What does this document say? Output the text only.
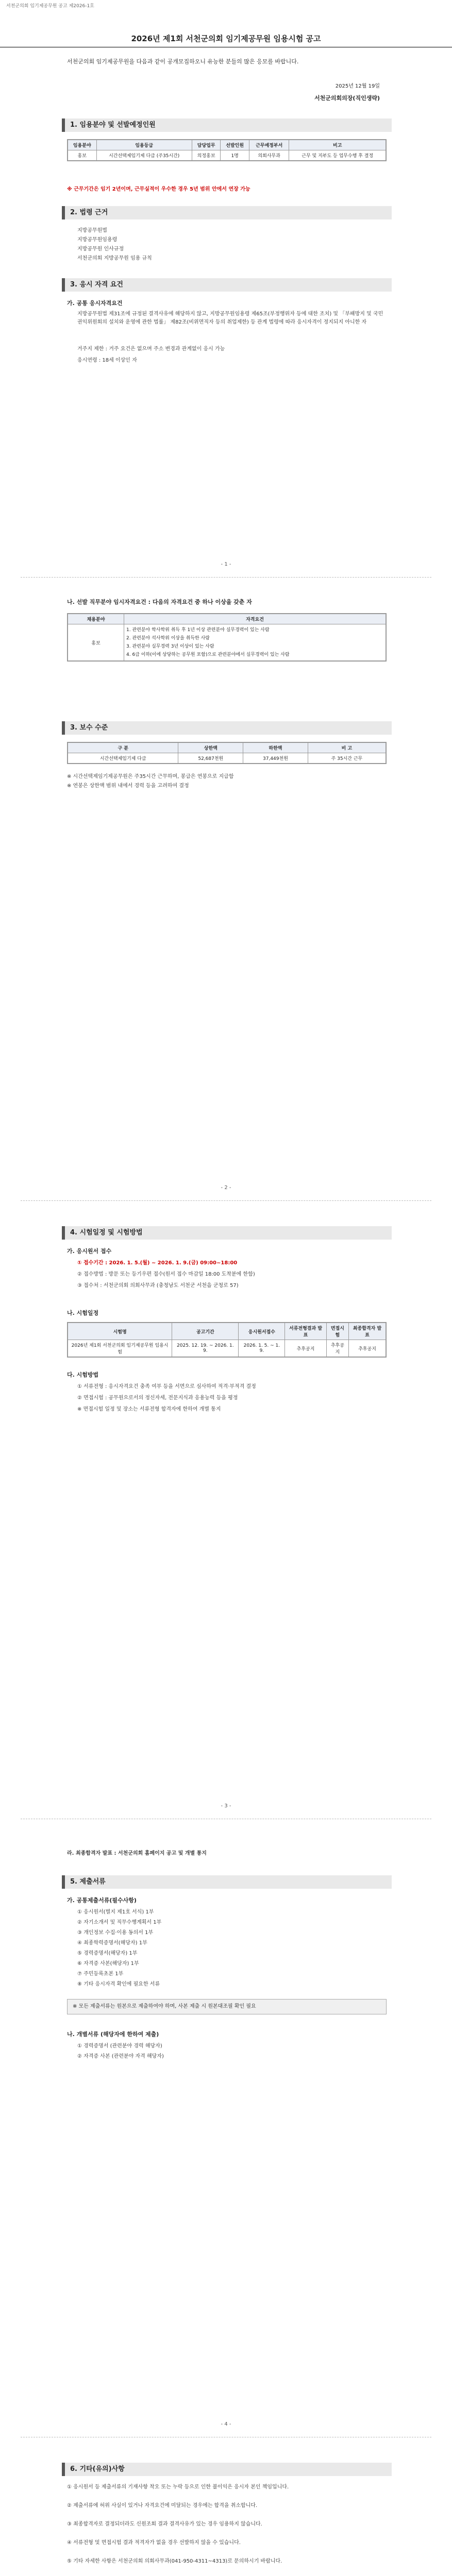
서천군의회 임기제공무원 공고 제2026-1호
2026년 제1회 서천군의회 임기제공무원 임용시험 공고
서천군의회 임기제공무원을 다음과 같이 공개모집하오니 유능한 분들의 많은 응모를 바랍니다.
2025년 12월 19일
서천군의회의장(직인생략)
1. 임용분야 및 선발예정인원
임용분야	임용등급	담당업무	선발인원	근무예정부서	비고
홍보	시간선택제임기제 다급 (주35시간)	의정홍보	1명	의회사무과	근무 및 지부도 등 업무수행 후 결정
※ 근무기간은 임기 2년이며, 근무실적이 우수한 경우 5년 범위 안에서 연장 가능
2. 법령 근거
지방공무원법
지방공무원임용령
지방공무원 인사규정
서천군의회 지방공무원 임용 규칙
3. 응시 자격 요건
가. 공통 응시자격요건
지방공무원법 제31조에 규정된 결격사유에 해당하지 않고, 지방공무원임용령 제65조(부정행위자 등에 대한 조치) 및 「부패방지 및 국민권익위원회의 설치와 운영에 관한 법률」 제82조(비위면직자 등의 취업제한) 등 관계 법령에 따라 응시자격이 정지되지 아니한 자
거주지 제한 : 거주 요건은 없으며 주소 변경과 관계없이 응시 가능
응시연령 : 18세 이상인 자
- 1 -
나. 선발 직무분야 임시자격요건 : 다음의 자격요건 중 하나 이상을 갖춘 자
채용분야	자격요건
홍보	1. 관련분야 학사학위 취득 후 1년 이상 관련분야 실무경력이 있는 사람
2. 관련분야 석사학위 이상을 취득한 사람
3. 관련분야 실무경력 3년 이상이 있는 사람
4. 6급 이하(이에 상당하는 공무원 포함)으로 관련분야에서 실무경력이 있는 사람
3. 보수 수준
구 분	상한액	하한액	비 고
시간선택제임기제 다급	52,687천원	37,449천원	주 35시간 근무
※ 시간선택제임기제공무원은 주35시간 근무하며, 봉급은 연봉으로 지급함
※ 연봉은 상한액 범위 내에서 경력 등을 고려하여 결정
- 2 -
4. 시험일정 및 시험방법
가. 응시원서 접수
① 접수기간 : 2026. 1. 5.(월) ~ 2026. 1. 9.(금) 09:00~18:00
② 접수방법 : 방문 또는 등기우편 접수(원서 접수 마감일 18:00 도착분에 한함)
③ 접수처 : 서천군의회 의회사무과 (충청남도 서천군 서천읍 군청로 57)
나. 시험일정
시험명	공고기간	응시원서접수	서류전형결과 발표	면접시험	최종합격자 발표
2026년 제1회 서천군의회 임기제공무원 임용시험	2025. 12. 19. ~ 2026. 1. 9.	2026. 1. 5. ~ 1. 9.	추후공지	추후공지	추후공지
다. 시험방법
① 서류전형 : 응시자격요건 충족 여부 등을 서면으로 심사하여 적격·부적격 결정
② 면접시험 : 공무원으로서의 정신자세, 전문지식과 응용능력 등을 평정
※ 면접시험 일정 및 장소는 서류전형 합격자에 한하여 개별 통지
- 3 -
라. 최종합격자 발표 : 서천군의회 홈페이지 공고 및 개별 통지
5. 제출서류
가. 공통제출서류(필수사항)
① 응시원서(별지 제1호 서식) 1부
② 자기소개서 및 직무수행계획서 1부
③ 개인정보 수집·이용 동의서 1부
④ 최종학력증명서(해당자) 1부
⑤ 경력증명서(해당자) 1부
⑥ 자격증 사본(해당자) 1부
⑦ 주민등록초본 1부
⑧ 기타 응시자격 확인에 필요한 서류
※ 모든 제출서류는 원본으로 제출하여야 하며, 사본 제출 시 원본대조필 확인 필요
나. 개별서류 (해당자에 한하여 제출)
① 경력증명서 (관련분야 경력 해당자)
② 자격증 사본 (관련분야 자격 해당자)
- 4 -
6. 기타(유의)사항
① 응시원서 등 제출서류의 기재사항 착오 또는 누락 등으로 인한 불이익은 응시자 본인 책임입니다.
② 제출서류에 허위 사실이 있거나 자격요건에 미달되는 경우에는 합격을 취소합니다.
③ 최종합격자로 결정되더라도 신원조회 결과 결격사유가 있는 경우 임용하지 않습니다.
④ 서류전형 및 면접시험 결과 적격자가 없을 경우 선발하지 않을 수 있습니다.
⑤ 기타 자세한 사항은 서천군의회 의회사무과(041-950-4311~4313)로 문의하시기 바랍니다.
